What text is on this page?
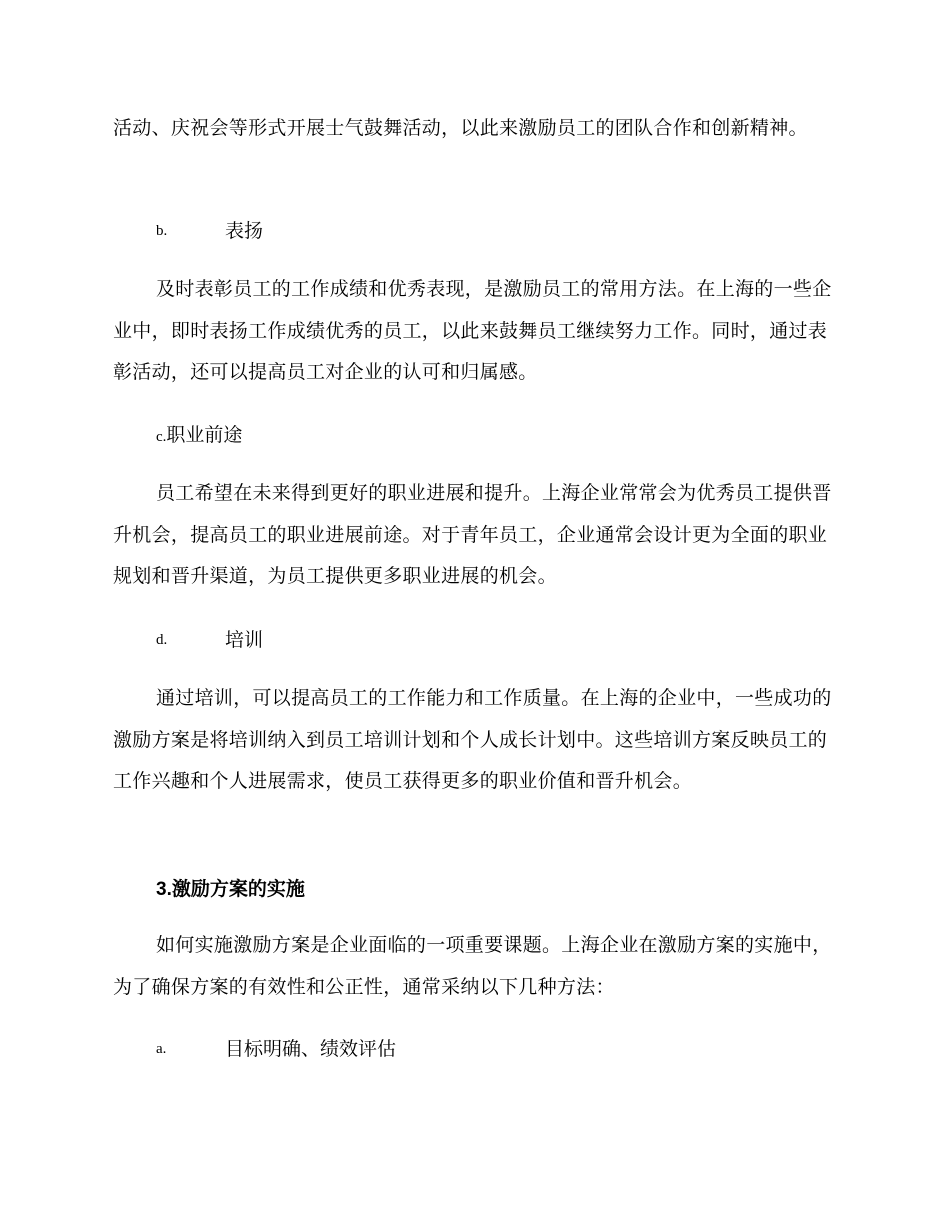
活动、庆祝会等形式开展士气鼓舞活动，以此来激励员工的团队合作和创新精神。

b.	表扬

及时表彰员工的工作成绩和优秀表现，是激励员工的常用方法。在上海的一些企业中，即时表扬工作成绩优秀的员工，以此来鼓舞员工继续努力工作。同时，通过表彰活动，还可以提高员工对企业的认可和归属感。

c.职业前途

员工希望在未来得到更好的职业进展和提升。上海企业常常会为优秀员工提供晋升机会，提高员工的职业进展前途。对于青年员工，企业通常会设计更为全面的职业规划和晋升渠道，为员工提供更多职业进展的机会。

d.	培训

通过培训，可以提高员工的工作能力和工作质量。在上海的企业中，一些成功的激励方案是将培训纳入到员工培训计划和个人成长计划中。这些培训方案反映员工的工作兴趣和个人进展需求，使员工获得更多的职业价值和晋升机会。

3.激励方案的实施

如何实施激励方案是企业面临的一项重要课题。上海企业在激励方案的实施中，为了确保方案的有效性和公正性，通常采纳以下几种方法：

a.	目标明确、绩效评估
